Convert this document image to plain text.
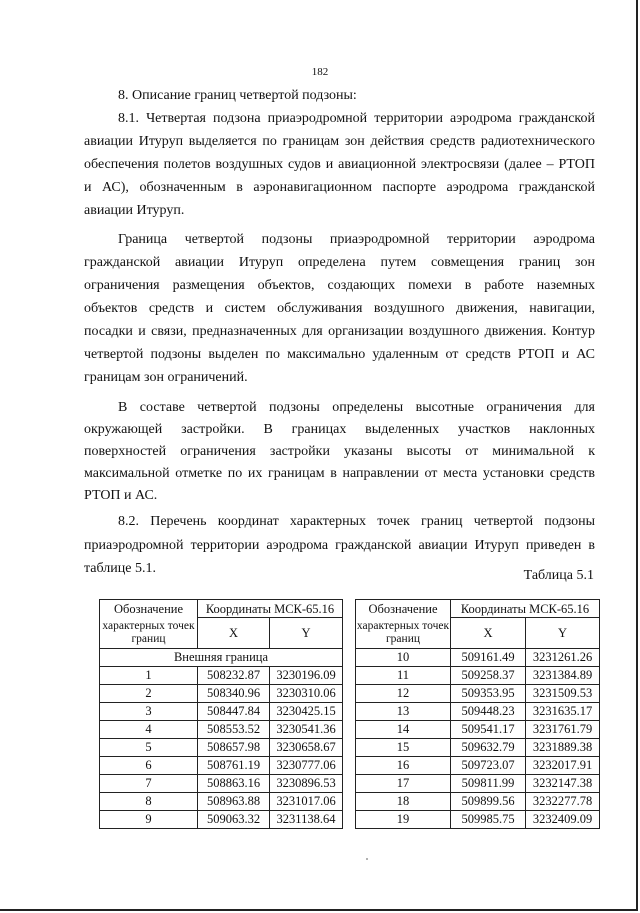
182
8. Описание границ четвертой подзоны:
8.1. Четвертая подзона приаэродромной территории аэродрома гражданской
авиации Итуруп выделяется по границам зон действия средств радиотехнического
обеспечения полетов воздушных судов и авиационной электросвязи (далее – РТОП
и АС), обозначенным в аэронавигационном паспорте аэродрома гражданской
авиации Итуруп.
Граница четвертой подзоны приаэродромной территории аэродрома
гражданской авиации Итуруп определена путем совмещения границ зон
ограничения размещения объектов, создающих помехи в работе наземных
объектов средств и систем обслуживания воздушного движения, навигации,
посадки и связи, предназначенных для организации воздушного движения. Контур
четвертой подзоны выделен по максимально удаленным от средств РТОП и АС
границам зон ограничений.
В составе четвертой подзоны определены высотные ограничения для
окружающей застройки. В границах выделенных участков наклонных
поверхностей ограничения застройки указаны высоты от минимальной к
максимальной отметке по их границам в направлении от места установки средств
РТОП и АС.
8.2. Перечень координат характерных точек границ четвертой подзоны
приаэродромной территории аэродрома гражданской авиации Итуруп приведен в
таблице 5.1.	Таблица 5.1
Обозначение	Координаты МСК-65.16	
характерных точек границ	X	Y
Внешняя граница		
1	508232.87	3230196.09
2	508340.96	3230310.06
3	508447.84	3230425.15
4	508553.52	3230541.36
5	508657.98	3230658.67
6	508761.19	3230777.06
7	508863.16	3230896.53
8	508963.88	3231017.06
9	509063.32	3231138.64
Обозначение	Координаты МСК-65.16	
характерных точек границ	X	Y
10	509161.49	3231261.26
11	509258.37	3231384.89
12	509353.95	3231509.53
13	509448.23	3231635.17
14	509541.17	3231761.79
15	509632.79	3231889.38
16	509723.07	3232017.91
17	509811.99	3232147.38
18	509899.56	3232277.78
19	509985.75	3232409.09
